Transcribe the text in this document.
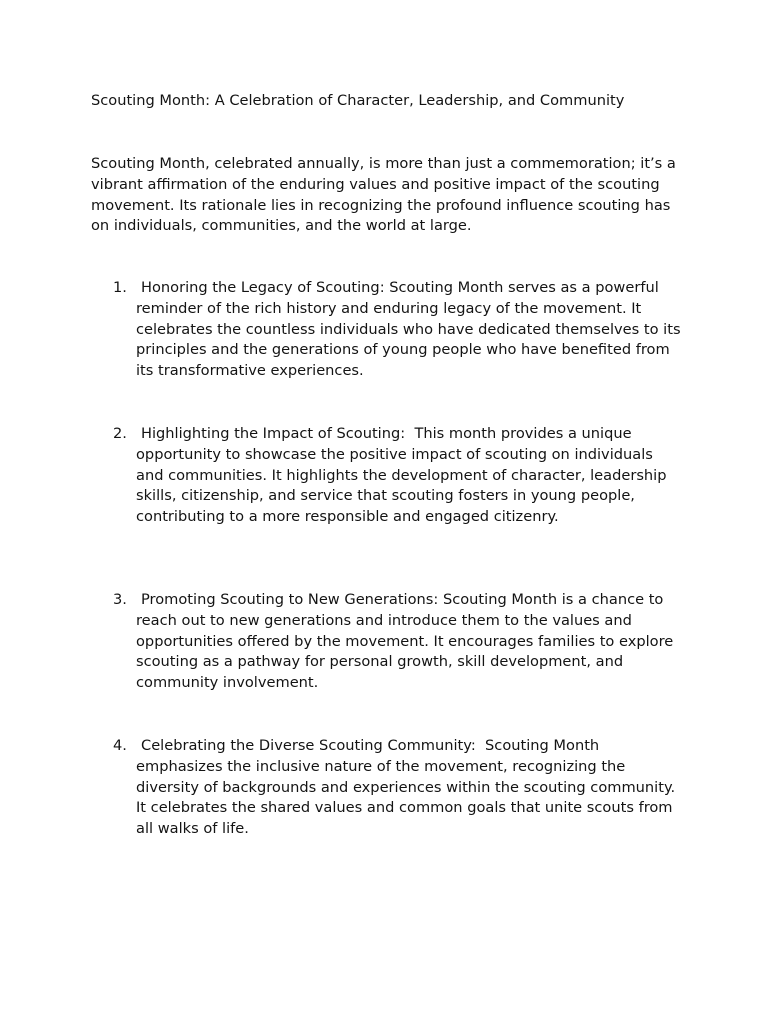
Scouting Month: A Celebration of Character, Leadership, and Community

Scouting Month, celebrated annually, is more than just a commemoration; it’s a vibrant affirmation of the enduring values and positive impact of the scouting movement. Its rationale lies in recognizing the profound influence scouting has on individuals, communities, and the world at large.

1. Honoring the Legacy of Scouting: Scouting Month serves as a powerful reminder of the rich history and enduring legacy of the movement. It celebrates the countless individuals who have dedicated themselves to its principles and the generations of young people who have benefited from its transformative experiences.
2. Highlighting the Impact of Scouting:  This month provides a unique opportunity to showcase the positive impact of scouting on individuals and communities. It highlights the development of character, leadership skills, citizenship, and service that scouting fosters in young people, contributing to a more responsible and engaged citizenry.
3. Promoting Scouting to New Generations: Scouting Month is a chance to reach out to new generations and introduce them to the values and opportunities offered by the movement. It encourages families to explore scouting as a pathway for personal growth, skill development, and community involvement.
4. Celebrating the Diverse Scouting Community:  Scouting Month emphasizes the inclusive nature of the movement, recognizing the diversity of backgrounds and experiences within the scouting community. It celebrates the shared values and common goals that unite scouts from all walks of life.
